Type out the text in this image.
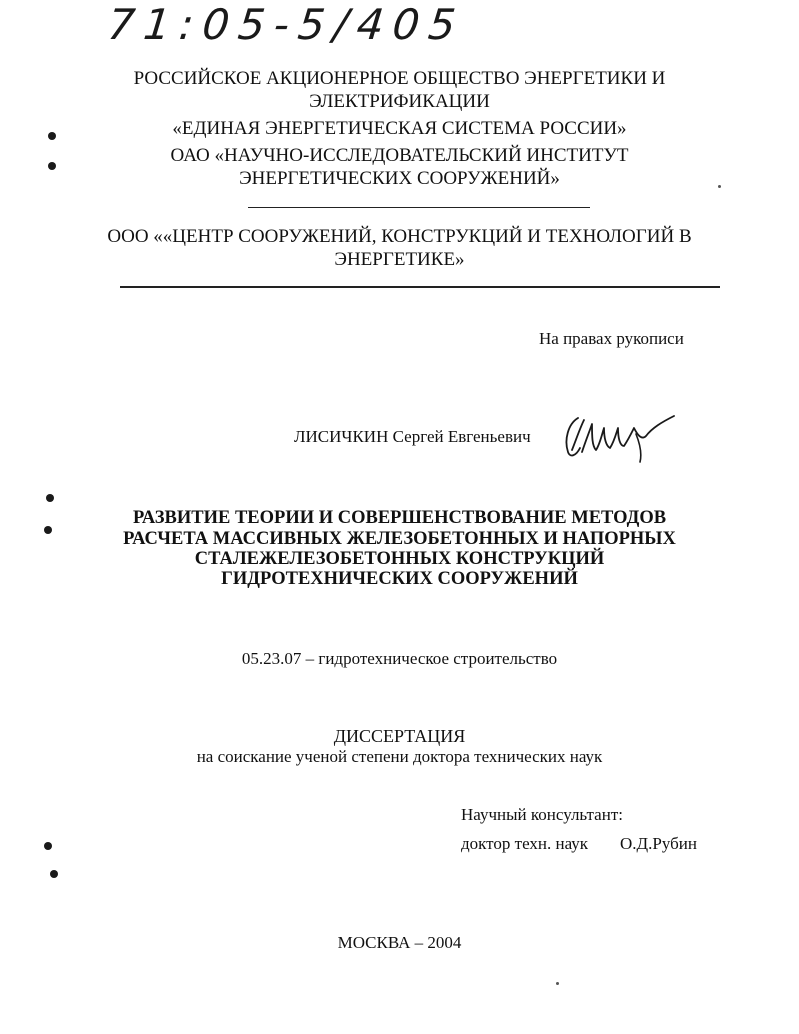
71:05-5/405
РОССИЙСКОЕ АКЦИОНЕРНОЕ ОБЩЕСТВО ЭНЕРГЕТИКИ И
ЭЛЕКТРИФИКАЦИИ
«ЕДИНАЯ ЭНЕРГЕТИЧЕСКАЯ СИСТЕМА РОССИИ»
ОАО «НАУЧНО-ИССЛЕДОВАТЕЛЬСКИЙ ИНСТИТУТ
ЭНЕРГЕТИЧЕСКИХ СООРУЖЕНИЙ»
ООО ««ЦЕНТР СООРУЖЕНИЙ, КОНСТРУКЦИЙ И ТЕХНОЛОГИЙ В
ЭНЕРГЕТИКЕ»
На правах рукописи
ЛИСИЧКИН Сергей Евгеньевич
РАЗВИТИЕ ТЕОРИИ И СОВЕРШЕНСТВОВАНИЕ МЕТОДОВ
РАСЧЕТА МАССИВНЫХ ЖЕЛЕЗОБЕТОННЫХ И НАПОРНЫХ
СТАЛЕЖЕЛЕЗОБЕТОННЫХ КОНСТРУКЦИЙ
ГИДРОТЕХНИЧЕСКИХ СООРУЖЕНИЙ
05.23.07 – гидротехническое строительство
ДИССЕРТАЦИЯ
на соискание ученой степени доктора технических наук
Научный консультант:
доктор техн. наук О.Д.Рубин
МОСКВА – 2004
